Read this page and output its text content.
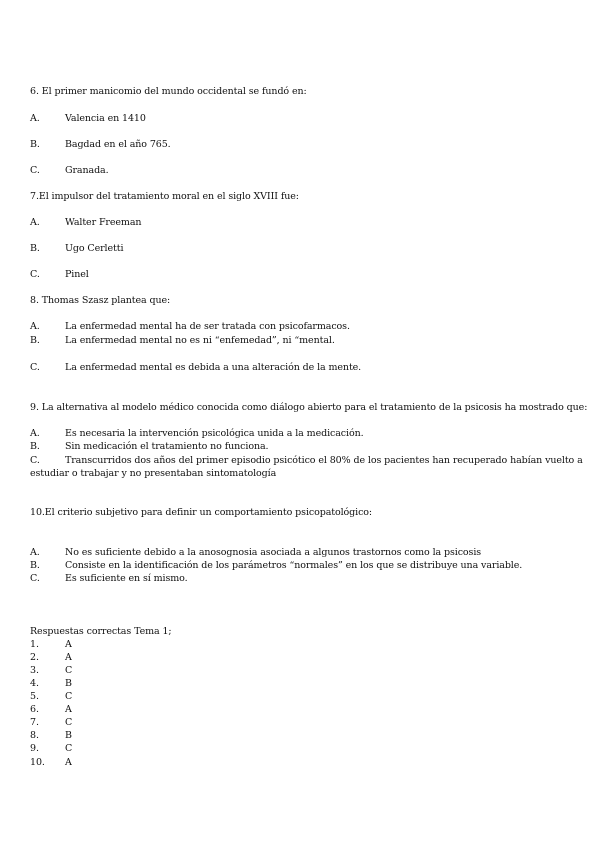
6. El primer manicomio del mundo occidental se fundó en:
A.	Valencia en 1410
B.	Bagdad en el año 765.
C.	Granada.
7.El impulsor del tratamiento moral en el siglo XVIII fue:
A.	Walter Freeman
B.	Ugo Cerletti
C.	Pinel
8. Thomas Szasz plantea que:
A.	La enfermedad mental ha de ser tratada con psicofarmacos.
B.	La enfermedad mental no es ni “enfemedad”, ni “mental.
C.	La enfermedad mental es debida a una alteración de la mente.
9. La alternativa al modelo médico conocida como diálogo abierto para el tratamiento de la psicosis ha mostrado que:
A.	Es necesaria la intervención psicológica unida a la medicación.
B.	Sin medicación el tratamiento no funciona.
C.	Transcurridos dos años del primer episodio psicótico el 80% de los pacientes han recuperado habían vuelto a
estudiar o trabajar y no presentaban sintomatología
10.El criterio subjetivo para definir un comportamiento psicopatológico:
A.	No es suficiente debido a la anosognosia asociada a algunos trastornos como la psicosis
B.	Consiste en la identificación de los parámetros “normales” en los que se distribuye una variable.
C.	Es suficiente en sí mismo.
Respuestas correctas Tema 1;
1.	A
2.	A
3.	C
4.	B
5.	C
6.	A
7.	C
8.	B
9.	C
10.	A
